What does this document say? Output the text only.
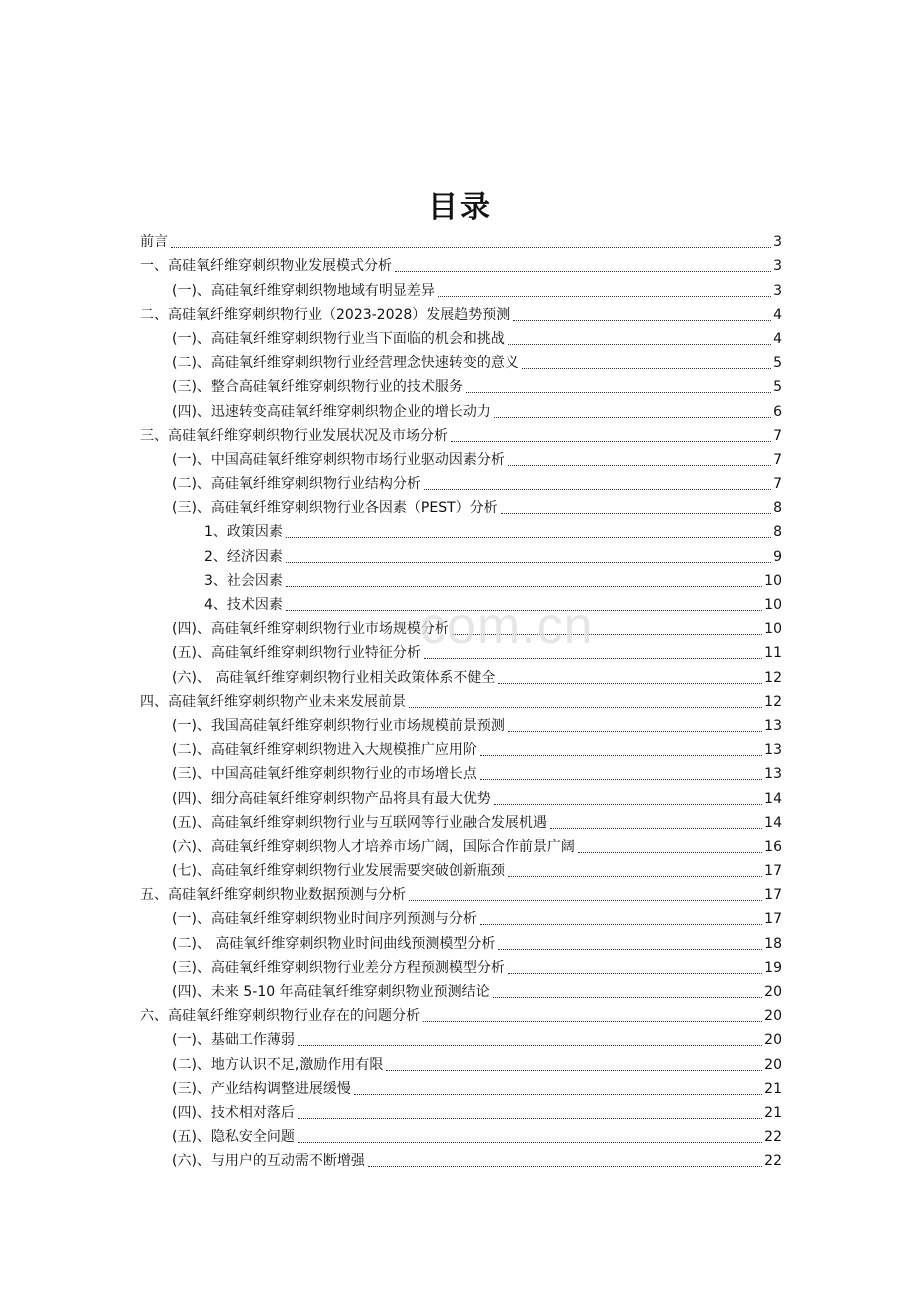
目录
前言	3
一、高硅氧纤维穿刺织物业发展模式分析	3
(一)、高硅氧纤维穿刺织物地域有明显差异	3
二、高硅氧纤维穿刺织物行业（2023-2028）发展趋势预测	4
(一)、高硅氧纤维穿刺织物行业当下面临的机会和挑战	4
(二)、高硅氧纤维穿刺织物行业经营理念快速转变的意义	5
(三)、整合高硅氧纤维穿刺织物行业的技术服务	5
(四)、迅速转变高硅氧纤维穿刺织物企业的增长动力	6
三、高硅氧纤维穿刺织物行业发展状况及市场分析	7
(一)、中国高硅氧纤维穿刺织物市场行业驱动因素分析	7
(二)、高硅氧纤维穿刺织物行业结构分析	7
(三)、高硅氧纤维穿刺织物行业各因素（PEST）分析	8
1、政策因素	8
2、经济因素	9
3、社会因素	10
4、技术因素	10
(四)、高硅氧纤维穿刺织物行业市场规模分析	10
(五)、高硅氧纤维穿刺织物行业特征分析	11
(六)、 高硅氧纤维穿刺织物行业相关政策体系不健全	12
四、高硅氧纤维穿刺织物产业未来发展前景	12
(一)、我国高硅氧纤维穿刺织物行业市场规模前景预测	13
(二)、高硅氧纤维穿刺织物进入大规模推广应用阶	13
(三)、中国高硅氧纤维穿刺织物行业的市场增长点	13
(四)、细分高硅氧纤维穿刺织物产品将具有最大优势	14
(五)、高硅氧纤维穿刺织物行业与互联网等行业融合发展机遇	14
(六)、高硅氧纤维穿刺织物人才培养市场广阔，国际合作前景广阔	16
(七)、高硅氧纤维穿刺织物行业发展需要突破创新瓶颈	17
五、高硅氧纤维穿刺织物业数据预测与分析	17
(一)、高硅氧纤维穿刺织物业时间序列预测与分析	17
(二)、 高硅氧纤维穿刺织物业时间曲线预测模型分析	18
(三)、高硅氧纤维穿刺织物行业差分方程预测模型分析	19
(四)、未来 5-10 年高硅氧纤维穿刺织物业预测结论	20
六、高硅氧纤维穿刺织物行业存在的问题分析	20
(一)、基础工作薄弱	20
(二)、地方认识不足,激励作用有限	20
(三)、产业结构调整进展缓慢	21
(四)、技术相对落后	21
(五)、隐私安全问题	22
(六)、与用户的互动需不断增强	22
com.cn
